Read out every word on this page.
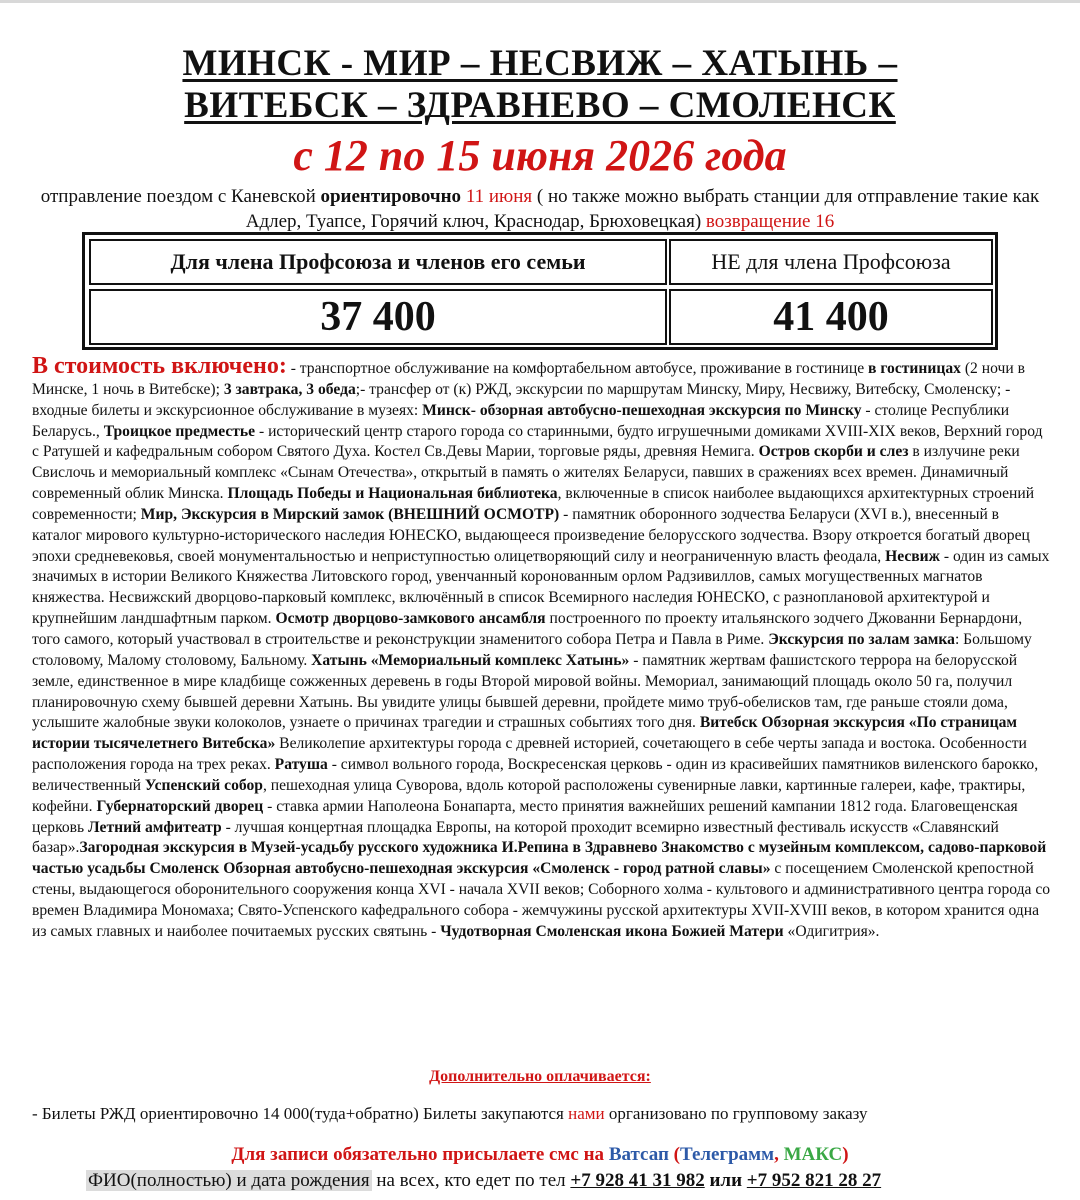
МИНСК - МИР – НЕСВИЖ – ХАТЫНЬ –
ВИТЕБСК – ЗДРАВНЕВО – СМОЛЕНСК
с 12 по 15 июня 2026 года
отправление поездом с Каневской ориентировочно 11 июня ( но также можно выбрать станции для отправление такие как Адлер, Туапсе, Горячий ключ, Краснодар, Брюховецкая) возвращение 16
Для члена Профсоюза и членов его семьи	НЕ для члена Профсоюза
37 400	41 400
В стоимость включено: - транспортное обслуживание на комфортабельном автобусе, проживание в гостинице в гостиницах (2 ночи в Минске, 1 ночь в Витебске); 3 завтрака, 3 обеда;- трансфер от (к) РЖД, экскурсии по маршрутам Минску, Миру, Несвижу, Витебску, Смоленску; - входные билеты и экскурсионное обслуживание в музеях: Минск- обзорная автобусно-пешеходная экскурсия по Минску - столице Республики Беларусь., Троицкое предместье - исторический центр старого города со старинными, будто игрушечными домиками XVIII-XIX веков, Верхний город с Ратушей и кафедральным собором Святого Духа. Костел Св.Девы Марии, торговые ряды, древняя Немига. Остров скорби и слез в излучине реки Свислочь и мемориальный комплекс «Сынам Отечества», открытый в память о жителях Беларуси, павших в сражениях всех времен. Динамичный современный облик Минска. Площадь Победы и Национальная библиотека, включенные в список наиболее выдающихся архитектурных строений современности; Мир, Экскурсия в Мирский замок (ВНЕШНИЙ ОСМОТР) - памятник оборонного зодчества Беларуси (XVI в.), внесенный в каталог мирового культурно-исторического наследия ЮНЕСКО, выдающееся произведение белорусского зодчества. Взору откроется богатый дворец эпохи средневековья, своей монументальностью и неприступностью олицетворяющий силу и неограниченную власть феодала, Несвиж - один из самых значимых в истории Великого Княжества Литовского город, увенчанный коронованным орлом Радзивиллов, самых могущественных магнатов княжества. Несвижский дворцово-парковый комплекс, включённый в список Всемирного наследия ЮНЕСКО, с разноплановой архитектурой и крупнейшим ландшафтным парком. Осмотр дворцово-замкового ансамбля построенного по проекту итальянского зодчего Джованни Бернардони, того самого, который участвовал в строительстве и реконструкции знаменитого собора Петра и Павла в Риме. Экскурсия по залам замка: Большому столовому, Малому столовому, Бальному. Хатынь «Мемориальный комплекс Хатынь» - памятник жертвам фашистского террора на белорусской земле, единственное в мире кладбище сожженных деревень в годы Второй мировой войны. Мемориал, занимающий площадь около 50 га, получил планировочную схему бывшей деревни Хатынь. Вы увидите улицы бывшей деревни, пройдете мимо труб-обелисков там, где раньше стояли дома, услышите жалобные звуки колоколов, узнаете о причинах трагедии и страшных событиях того дня. Витебск Обзорная экскурсия «По страницам истории тысячелетнего Витебска» Великолепие архитектуры города с древней историей, сочетающего в себе черты запада и востока. Особенности расположения города на трех реках. Ратуша - символ вольного города, Воскресенская церковь - один из красивейших памятников виленского барокко, величественный Успенский собор, пешеходная улица Суворова, вдоль которой расположены сувенирные лавки, картинные галереи, кафе, трактиры, кофейни. Губернаторский дворец - ставка армии Наполеона Бонапарта, место принятия важнейших решений кампании 1812 года. Благовещенская церковь Летний амфитеатр - лучшая концертная площадка Европы, на которой проходит всемирно известный фестиваль искусств «Славянский базар».Загородная экскурсия в Музей-усадьбу русского художника И.Репина в Здравнево Знакомство с музейным комплексом, садово-парковой частью усадьбы Смоленск Обзорная автобусно-пешеходная экскурсия «Смоленск - город ратной славы» с посещением Смоленской крепостной стены, выдающегося оборонительного сооружения конца XVI - начала XVII веков; Соборного холма - культового и административного центра города со времен Владимира Мономаха; Свято-Успенского кафедрального собора - жемчужины русской архитектуры XVII-XVIII веков, в котором хранится одна из самых главных и наиболее почитаемых русских святынь - Чудотворная Смоленская икона Божией Матери «Одигитрия».
Дополнительно оплачивается:
- Билеты РЖД ориентировочно 14 000(туда+обратно) Билеты закупаются нами организовано по групповому заказу
Для записи обязательно присылаете смс на Ватсап (Телеграмм, МАКС)
ФИО(полностью) и дата рождения на всех, кто едет по тел +7 928 41 31 982 или +7 952 821 28 27
